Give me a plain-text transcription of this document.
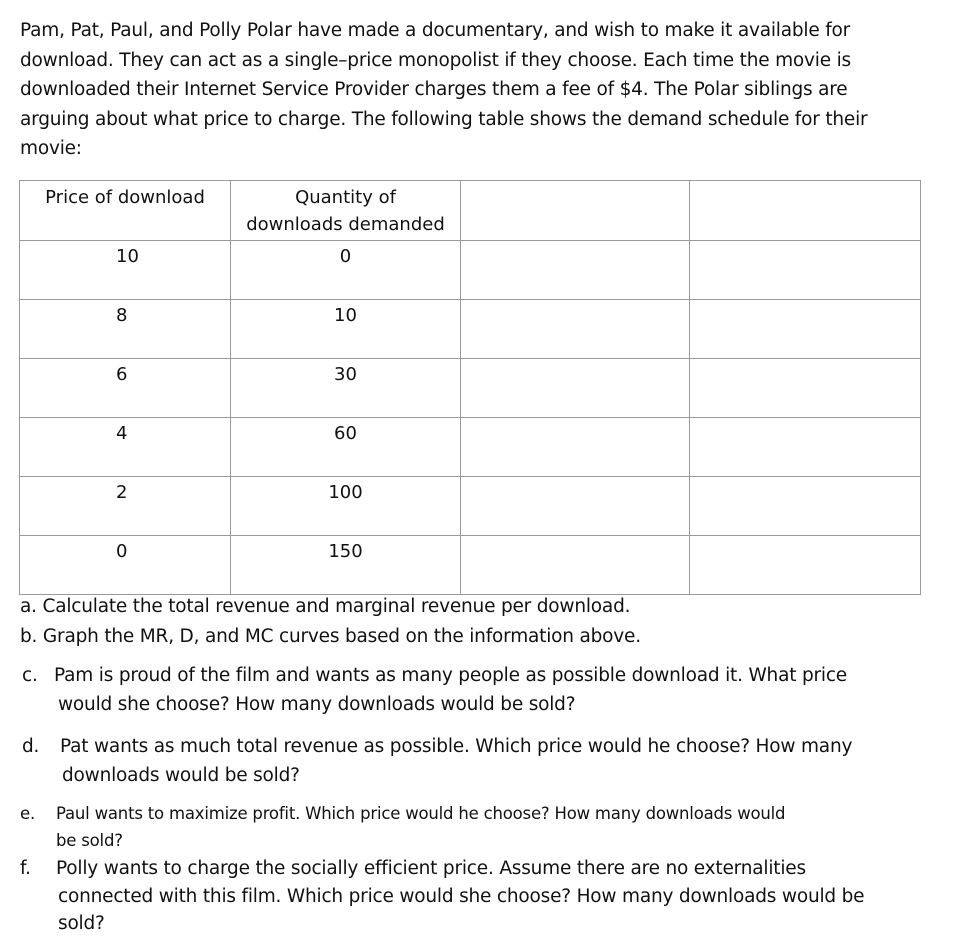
Pam, Pat, Paul, and Polly Polar have made a documentary, and wish to make it available for
download. They can act as a single–price monopolist if they choose. Each time the movie is
downloaded their Internet Service Provider charges them a fee of $4. The Polar siblings are
arguing about what price to charge. The following table shows the demand schedule for their
movie:
Price of download	Quantity of
downloads demanded		

10	0		
8	10		
6	30		
4	60		
2	100		
0	150		
a. Calculate the total revenue and marginal revenue per download.
b. Graph the MR, D, and MC curves based on the information above.
c. Pam is proud of the film and wants as many people as possible download it. What price
would she choose? How many downloads would be sold?
d. Pat wants as much total revenue as possible. Which price would he choose? How many
downloads would be sold?
e. Paul wants to maximize profit. Which price would he choose? How many downloads would
be sold?
f. Polly wants to charge the socially efficient price. Assume there are no externalities
connected with this film. Which price would she choose? How many downloads would be
sold?
